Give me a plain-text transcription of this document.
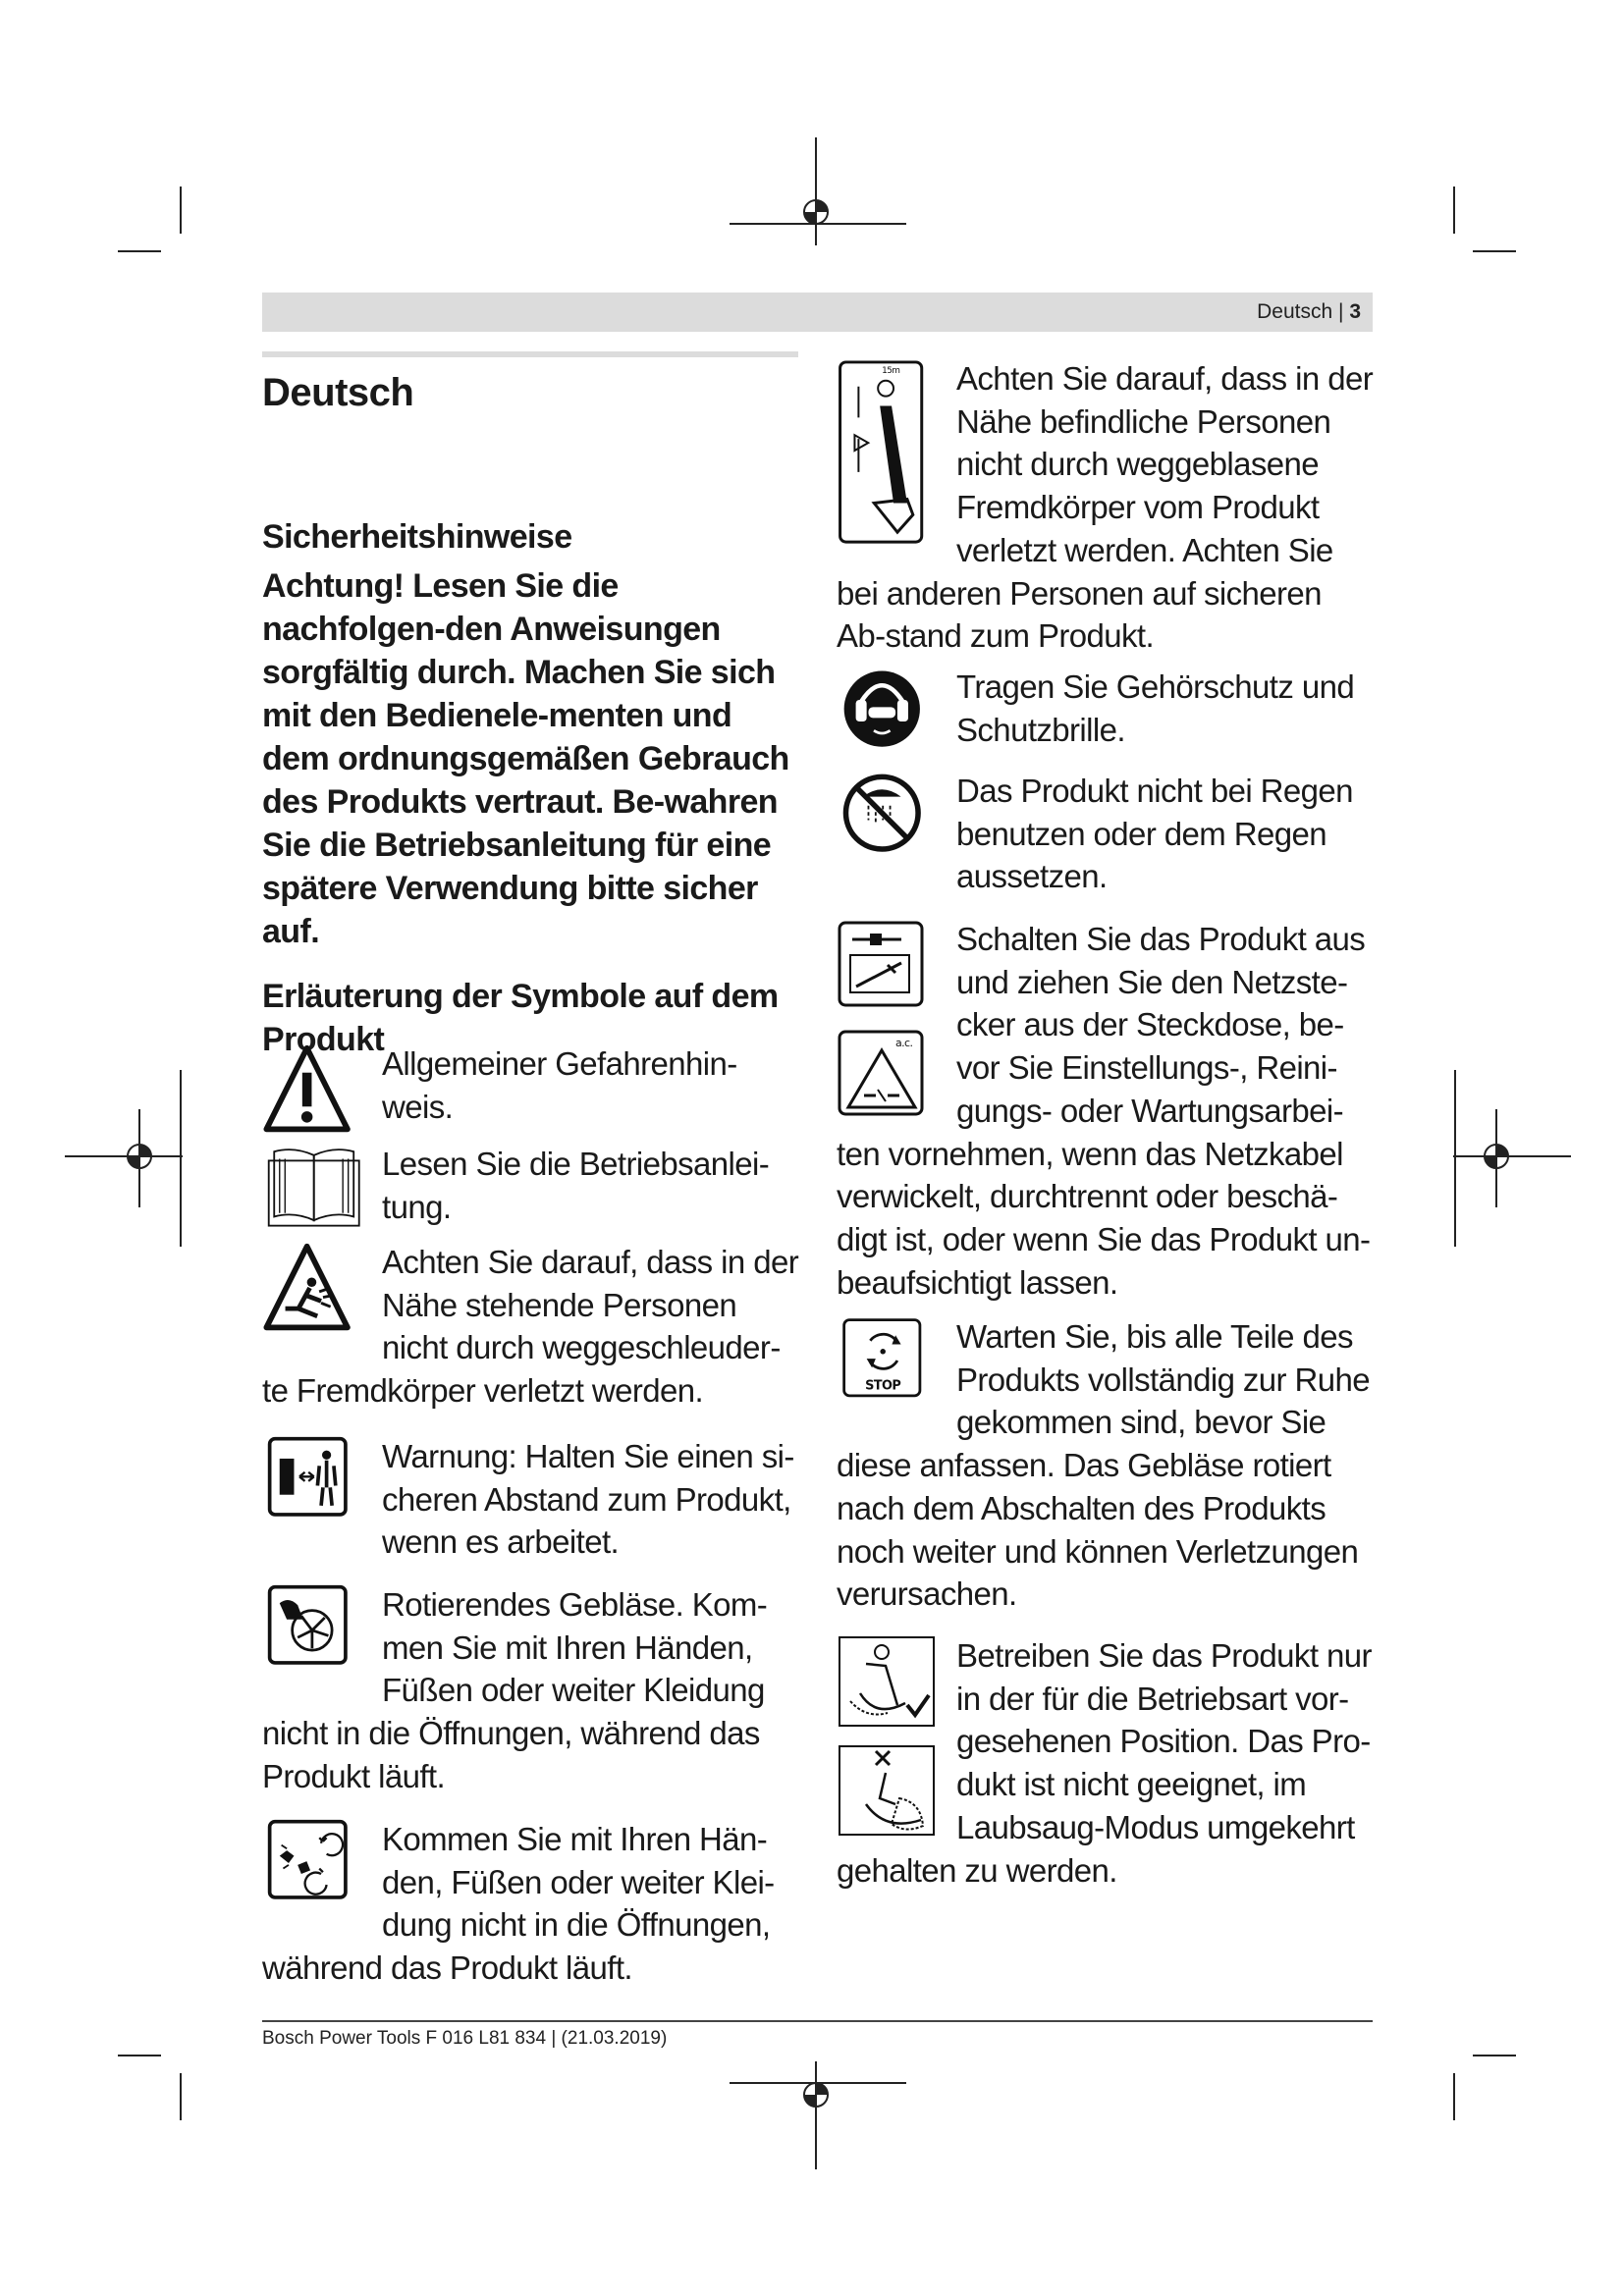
Deutsch | 3
Deutsch

Sicherheitshinweise

Achtung! Lesen Sie die nachfolgen-den Anweisungen sorgfältig durch. Machen Sie sich mit den Bedienele-menten und dem ordnungsgemäßen Gebrauch des Produkts vertraut. Be-wahren Sie die Betriebsanleitung für eine spätere Verwendung bitte sicher auf.

Erläuterung der Symbole auf dem Produkt

Allgemeiner Gefahrenhin-weis.
Lesen Sie die Betriebsanlei-tung.
Achten Sie darauf, dass in der Nähe stehende Personen nicht durch weggeschleuder-te Fremdkörper verletzt werden.
Warnung: Halten Sie einen si-cheren Abstand zum Produkt, wenn es arbeitet.
Rotierendes Gebläse. Kom-men Sie mit Ihren Händen, Füßen oder weiter Kleidung nicht in die Öffnungen, während das Produkt läuft.
Kommen Sie mit Ihren Hän-den, Füßen oder weiter Klei-dung nicht in die Öffnungen, während das Produkt läuft.
15m Achten Sie darauf, dass in der Nähe befindliche Personen nicht durch weggeblasene Fremdkörper vom Produkt verletzt werden. Achten Sie bei anderen Personen auf sicheren Ab-stand zum Produkt.
Tragen Sie Gehörschutz und Schutzbrille.
Das Produkt nicht bei Regen benutzen oder dem Regen aussetzen.
a.c.
Schalten Sie das Produkt aus und ziehen Sie den Netzste-cker aus der Steckdose, be-vor Sie Einstellungs-, Reini-gungs- oder Wartungsarbei-ten vornehmen, wenn das Netzkabel verwickelt, durchtrennt oder beschä-digt ist, oder wenn Sie das Produkt un-beaufsichtigt lassen.
STOP
Warten Sie, bis alle Teile des Produkts vollständig zur Ruhe gekommen sind, bevor Sie diese anfassen. Das Gebläse rotiert nach dem Abschalten des Produkts noch weiter und können Verletzungen verursachen.
Betreiben Sie das Produkt nur in der für die Betriebsart vor-gesehenen Position. Das Pro-dukt ist nicht geeignet, im Laubsaug-Modus umgekehrt gehalten zu werden.
Bosch Power Tools F 016 L81 834 | (21.03.2019)
